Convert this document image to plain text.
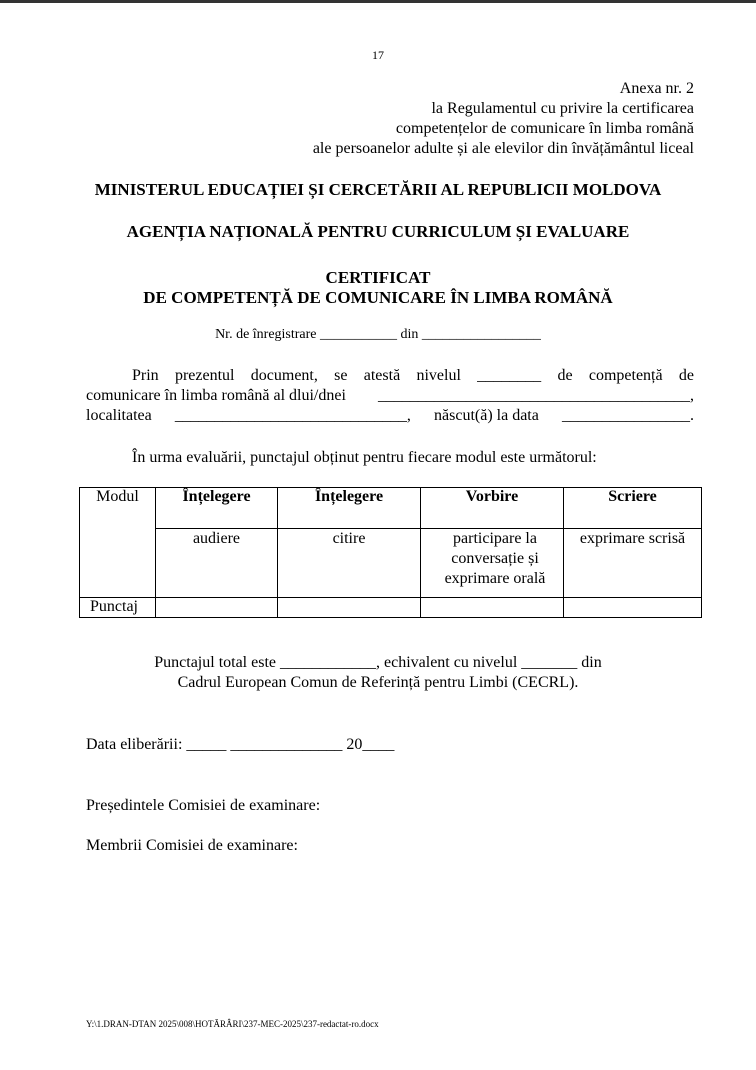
17
Anexa nr. 2
la Regulamentul cu privire la certificarea
competențelor de comunicare în limba română
ale persoanelor adulte și ale elevilor din învățământul liceal
MINISTERUL EDUCAȚIEI ȘI CERCETĂRII AL REPUBLICII MOLDOVA
AGENȚIA NAȚIONALĂ PENTRU CURRICULUM ȘI EVALUARE
CERTIFICAT
DE COMPETENȚĂ DE COMUNICARE ÎN LIMBA ROMÂNĂ
Nr. de înregistrare ___________ din _________________
Prin prezentul document, se atestă nivelul ________ de competență de
comunicare în limba română al dlui/dnei _______________________________________,
localitatea _____________________________, născut(ă) la data ________________.
În urma evaluării, punctajul obținut pentru fiecare modul este următorul:
Modul	Înțelegere	Înțelegere	Vorbire	Scriere
	audiere	citire	participare la conversație și exprimare orală	exprimare scrisă
Punctaj				
Punctajul total este ____________, echivalent cu nivelul _______ din
Cadrul European Comun de Referință pentru Limbi (CECRL).
Data eliberării: _____ ______________ 20____
Președintele Comisiei de examinare:
Membrii Comisiei de examinare:
Y:\1.DRAN-DTAN 2025\008\HOTĂRÂRI\237-MEC-2025\237-redactat-ro.docx
